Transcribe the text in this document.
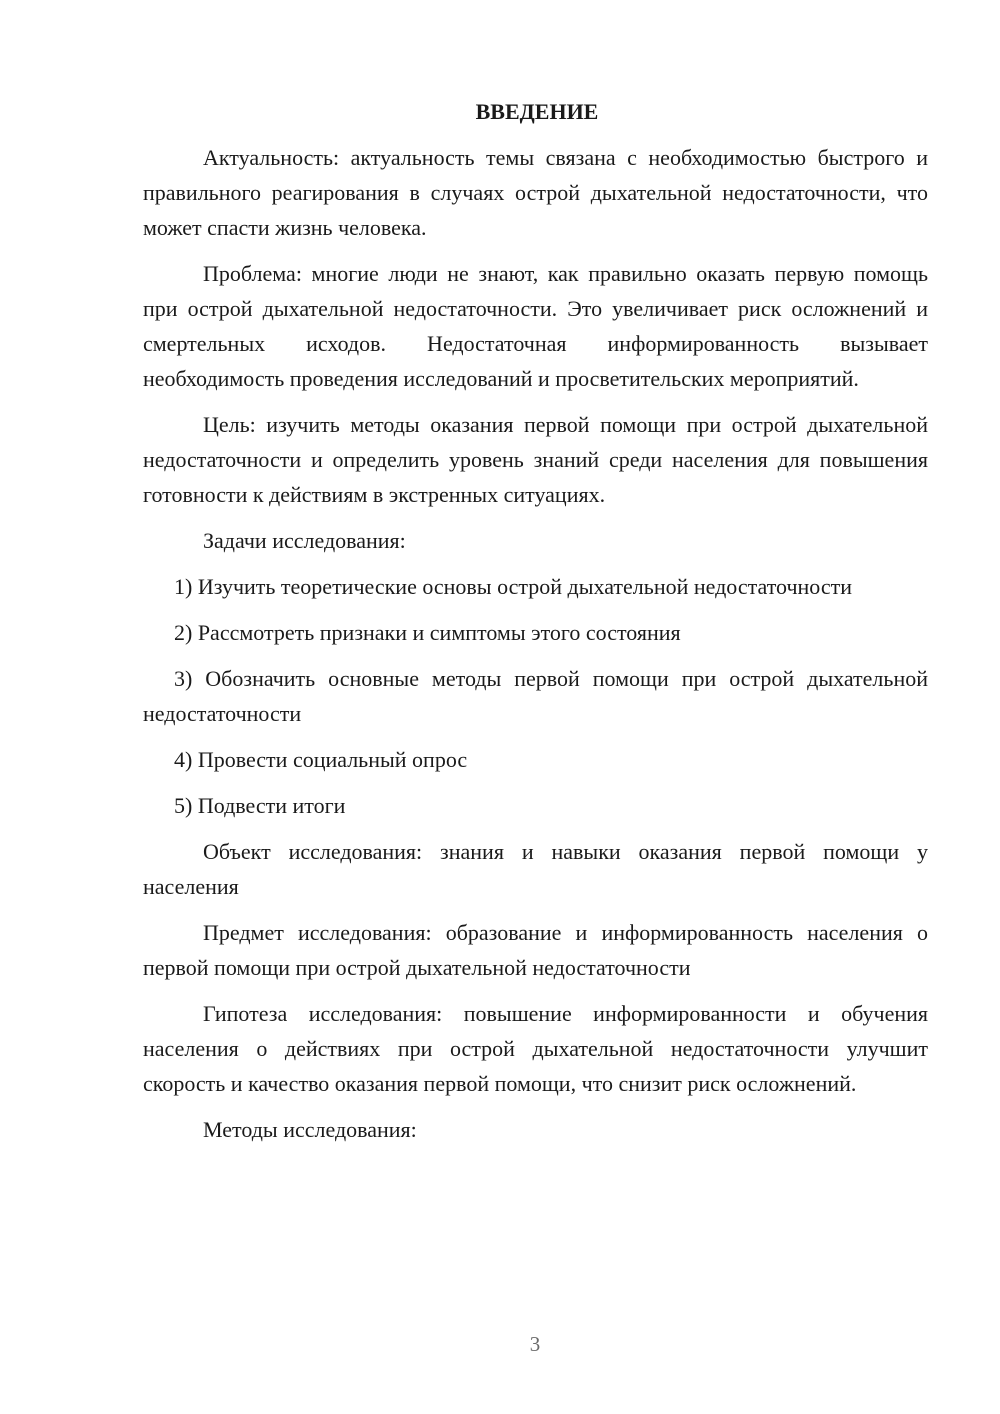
ВВЕДЕНИЕ

Актуальность: актуальность темы связана с необходимостью быстрого и правильного реагирования в случаях острой дыхательной недостаточности, что может спасти жизнь человека.

Проблема: многие люди не знают, как правильно оказать первую помощь при острой дыхательной недостаточности. Это увеличивает риск осложнений и смертельных исходов. Недостаточная информированность вызывает необходимость проведения исследований и просветительских мероприятий.

Цель: изучить методы оказания первой помощи при острой дыхательной недостаточности и определить уровень знаний среди населения для повышения готовности к действиям в экстренных ситуациях.

Задачи исследования:

1) Изучить теоретические основы острой дыхательной недостаточности

2) Рассмотреть признаки и симптомы этого состояния

3) Обозначить основные методы первой помощи при острой дыхательной недостаточности

4) Провести социальный опрос

5) Подвести итоги

Объект исследования: знания и навыки оказания первой помощи у населения

Предмет исследования: образование и информированность населения о первой помощи при острой дыхательной недостаточности

Гипотеза исследования: повышение информированности и обучения населения о действиях при острой дыхательной недостаточности улучшит скорость и качество оказания первой помощи, что снизит риск осложнений.

Методы исследования:

3
